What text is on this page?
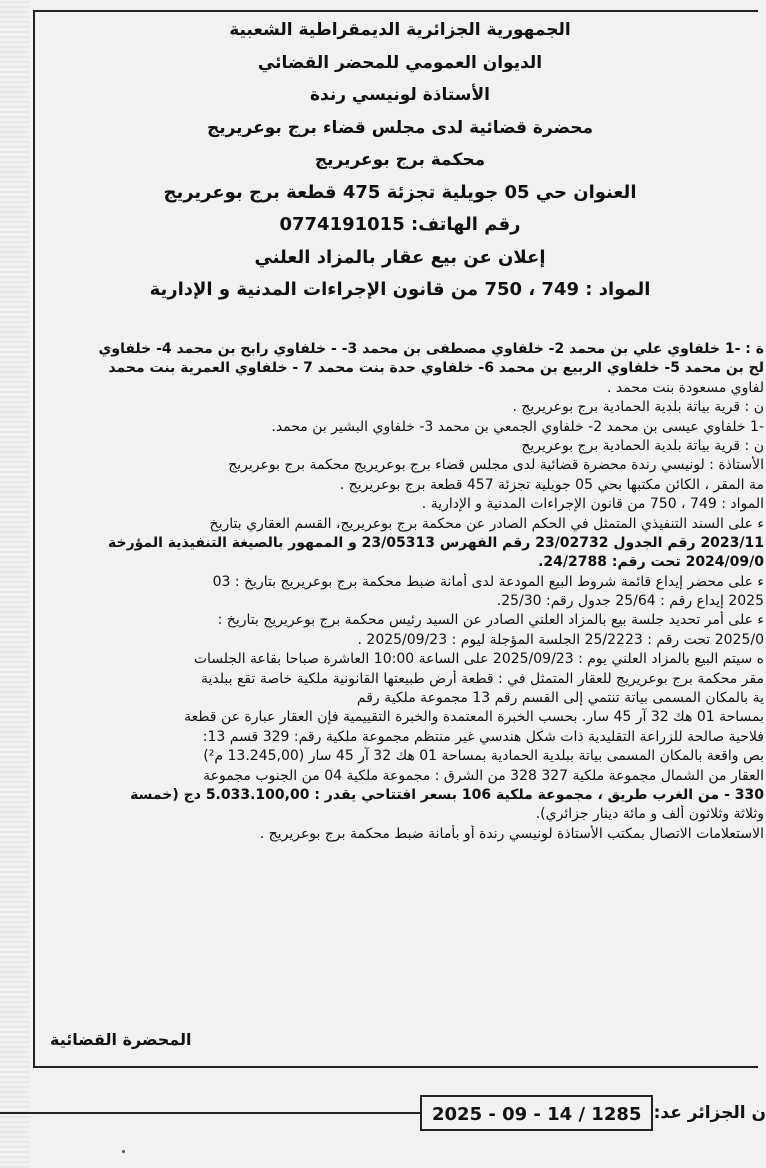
الجمهورية الجزائرية الديمقراطية الشعبية
الديوان العمومي للمحضر القضائي
الأستاذة لونيسي رندة
محضرة قضائية لدى مجلس قضاء برج بوعريريج
محكمة برج بوعريريج
العنوان حي 05 جويلية تجزئة 475 قطعة برج بوعريريج
رقم الهاتف: 0774191015
إعلان عن بيع عقار بالمزاد العلني
المواد : 749 ، 750 من قانون الإجراءات المدنية و الإدارية
ة : -1 خلفاوي علي بن محمد 2- خلفاوي مصطفى بن محمد 3- - خلفاوي رابح بن محمد 4- خلفاوي
لح بن محمد 5- خلفاوي الربيع بن محمد 6- خلفاوي حدة بنت محمد 7 - خلفاوي العمرية بنت محمد
لفاوي مسعودة بنت محمد .
ن : قرية بياتة بلدية الحمادية برج بوعريريج .
-1 خلفاوي عيسى بن محمد 2- خلفاوي الجمعي بن محمد 3- خلفاوي البشير بن محمد.
ن : قرية بياتة بلدية الحمادية برج بوعريريج
الأستاذة : لونيسي رندة محضرة قضائية لدى مجلس قضاء برج بوعريريج محكمة برج بوعريريج
مة المقر ، الكائن مكتبها بحي 05 جويلية تجزئة 457 قطعة برج بوعريريج .
المواد : 749 ، 750 من قانون الإجراءات المدنية و الإدارية .
ء على السند التنفيذي المتمثل في الحكم الصادر عن محكمة برج بوعريريج، القسم العقاري بتاريخ
2023/11 رقم الجدول 23/02732 رقم الفهرس 23/05313 و الممهور بالصيغة التنفيذية المؤرخة
2024/09/0 تحت رقم: 24/2788.
ء على محضر إيداع قائمة شروط البيع المودعة لدى أمانة ضبط محكمة برج بوعريريج بتاريخ : 03
2025 إيداع رقم : 25/64 جدول رقم: 25/30.
ء على أمر تحديد جلسة بيع بالمزاد العلني الصادر عن السيد رئيس محكمة برج بوعريريج بتاريخ :
2025/0 تحت رقم : 25/2223 الجلسة المؤجلة ليوم : 2025/09/23 .
ه سيتم البيع بالمزاد العلني يوم : 2025/09/23 على الساعة 10:00 العاشرة صباحا بقاعة الجلسات
مقر محكمة برج بوعريريج للعقار المتمثل في : قطعة أرض طبيعتها القانونية ملكية خاصة تقع ببلدية
ية بالمكان المسمى بياتة تنتمي إلى القسم رقم 13 مجموعة ملكية رقم
بمساحة 01 هك 32 آر 45 سار. بحسب الخبرة المعتمدة والخبرة التقييمية فإن العقار عبارة عن قطعة
فلاحية صالحة للزراعة التقليدية ذات شكل هندسي غير منتظم مجموعة ملكية رقم: 329 قسم 13:
بص واقعة بالمكان المسمى بياتة ببلدية الحمادية بمساحة 01 هك 32 آر 45 سار (13.245,00 م²)
العقار من الشمال مجموعة ملكية 327 328 من الشرق : مجموعة ملكية 04 من الجنوب مجموعة
330 - من الغرب طريق ، مجموعة ملكية 106 بسعر افتتاحي يقدر : 5.033.100,00 دج (خمسة
وثلاثة وثلاثون ألف و مائة دينار جزائري).
الاستعلامات الاتصال بمكتب الأستاذة لونيسي رندة أو بأمانة ضبط محكمة برج بوعريريج .
المحضرة القضائية
ن الجزائر عد:
2025 - 09 - 14 / 1285
